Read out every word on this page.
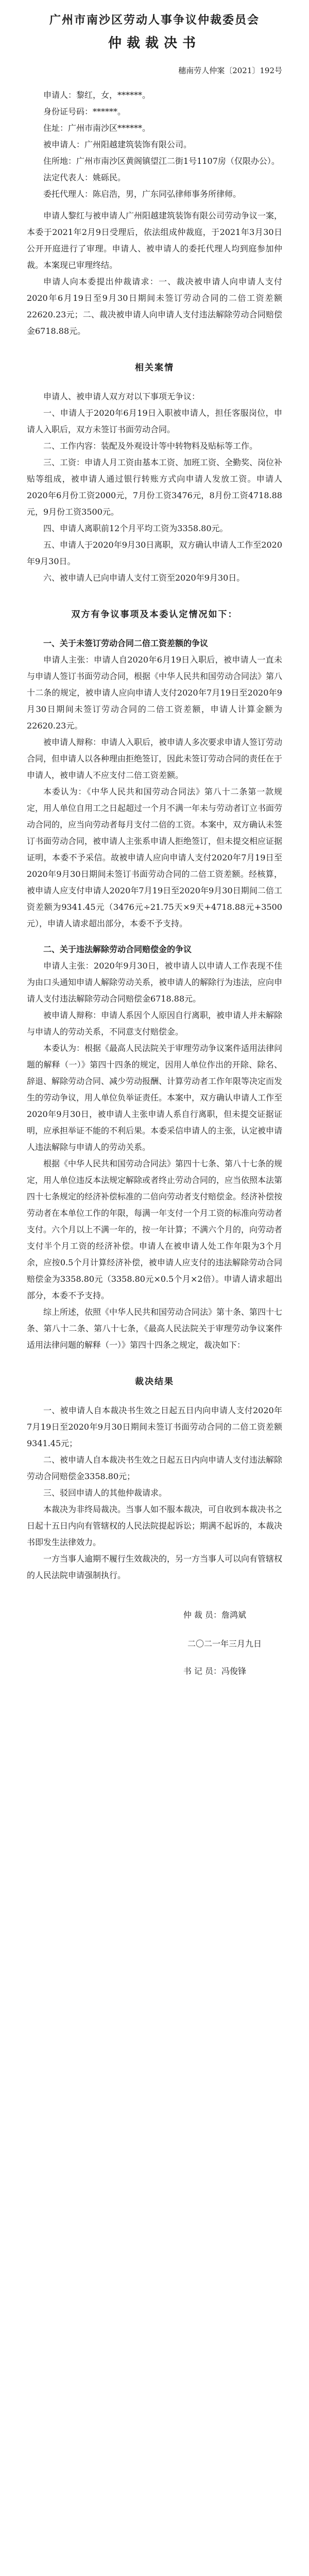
广州市南沙区劳动人事争议仲裁委员会
仲裁裁决书
穗南劳人仲案〔2021〕192号

申请人：黎红，女，******。

身份证号码：******。

住址：广州市南沙区******。

被申请人：广州阳越建筑装饰有限公司。

住所地：广州市南沙区黄阁镇望江二街1号1107房（仅限办公）。

法定代表人：姚砾民。

委托代理人：陈启浩，男，广东同弘律师事务所律师。

申请人黎红与被申请人广州阳越建筑装饰有限公司劳动争议一案，本委于2021年2月9日受理后，依法组成仲裁庭，于2021年3月30日公开开庭进行了审理。申请人、被申请人的委托代理人均到庭参加仲裁。本案现已审理终结。

申请人向本委提出仲裁请求：一、裁决被申请人向申请人支付2020年6月19日至9月30日期间未签订劳动合同的二倍工资差额22620.23元；二、裁决被申请人向申请人支付违法解除劳动合同赔偿金6718.88元。

相关案情

申请人、被申请人双方对以下事项无争议：

一、申请人于2020年6月19日入职被申请人，担任客服岗位，申请人入职后，双方未签订书面劳动合同。

二、工作内容：装配及外观设计等中转物料及贴标等工作。

三、工资：申请人月工资由基本工资、加班工资、全勤奖、岗位补贴等组成，被申请人通过银行转账方式向申请人发放工资。申请人2020年6月份工资2000元，7月份工资3476元，8月份工资4718.88元，9月份工资3500元。

四、申请人离职前12个月平均工资为3358.80元。

五、申请人于2020年9月30日离职，双方确认申请人工作至2020年9月30日。

六、被申请人已向申请人支付工资至2020年9月30日。

双方有争议事项及本委认定情况如下：

一、关于未签订劳动合同二倍工资差额的争议

申请人主张：申请人自2020年6月19日入职后，被申请人一直未与申请人签订书面劳动合同，根据《中华人民共和国劳动合同法》第八十二条的规定，被申请人应向申请人支付2020年7月19日至2020年9月30日期间未签订劳动合同的二倍工资差额，申请人计算金额为22620.23元。

被申请人辩称：申请人入职后，被申请人多次要求申请人签订劳动合同，但申请人以各种理由拒绝签订，因此未签订劳动合同的责任在于申请人，被申请人不应支付二倍工资差额。

本委认为：《中华人民共和国劳动合同法》第八十二条第一款规定，用人单位自用工之日起超过一个月不满一年未与劳动者订立书面劳动合同的，应当向劳动者每月支付二倍的工资。本案中，双方确认未签订书面劳动合同，被申请人主张系申请人拒绝签订，但未提交相应证据证明，本委不予采信。故被申请人应向申请人支付2020年7月19日至2020年9月30日期间未签订书面劳动合同的二倍工资差额。经核算，被申请人应支付申请人2020年7月19日至2020年9月30日期间二倍工资差额为9341.45元（3476元÷21.75天×9天+4718.88元+3500元），申请人请求超出部分，本委不予支持。

二、关于违法解除劳动合同赔偿金的争议

申请人主张：2020年9月30日，被申请人以申请人工作表现不佳为由口头通知申请人解除劳动关系，被申请人的解除行为违法，应向申请人支付违法解除劳动合同赔偿金6718.88元。

被申请人辩称：申请人系因个人原因自行离职，被申请人并未解除与申请人的劳动关系，不同意支付赔偿金。

本委认为：根据《最高人民法院关于审理劳动争议案件适用法律问题的解释（一）》第四十四条的规定，因用人单位作出的开除、除名、辞退、解除劳动合同、减少劳动报酬、计算劳动者工作年限等决定而发生的劳动争议，用人单位负举证责任。本案中，双方确认申请人工作至2020年9月30日，被申请人主张申请人系自行离职，但未提交证据证明，应承担举证不能的不利后果。本委采信申请人的主张，认定被申请人违法解除与申请人的劳动关系。

根据《中华人民共和国劳动合同法》第四十七条、第八十七条的规定，用人单位违反本法规定解除或者终止劳动合同的，应当依照本法第四十七条规定的经济补偿标准的二倍向劳动者支付赔偿金。经济补偿按劳动者在本单位工作的年限，每满一年支付一个月工资的标准向劳动者支付。六个月以上不满一年的，按一年计算；不满六个月的，向劳动者支付半个月工资的经济补偿。申请人在被申请人处工作年限为3个月余，应按0.5个月计算经济补偿，被申请人应支付的违法解除劳动合同赔偿金为3358.80元（3358.80元×0.5个月×2倍）。申请人请求超出部分，本委不予支持。

综上所述，依照《中华人民共和国劳动合同法》第十条、第四十七条、第八十二条、第八十七条，《最高人民法院关于审理劳动争议案件适用法律问题的解释（一）》第四十四条之规定，裁决如下：

裁决结果

一、被申请人自本裁决书生效之日起五日内向申请人支付2020年7月19日至2020年9月30日期间未签订书面劳动合同的二倍工资差额9341.45元；

二、被申请人自本裁决书生效之日起五日内向申请人支付违法解除劳动合同赔偿金3358.80元；

三、驳回申请人的其他仲裁请求。

本裁决为非终局裁决。当事人如不服本裁决，可自收到本裁决书之日起十五日内向有管辖权的人民法院提起诉讼；期满不起诉的，本裁决书即发生法律效力。

一方当事人逾期不履行生效裁决的，另一方当事人可以向有管辖权的人民法院申请强制执行。

仲 裁 员：詹鸿斌
二〇二一年三月九日
书 记 员：冯俊锋
